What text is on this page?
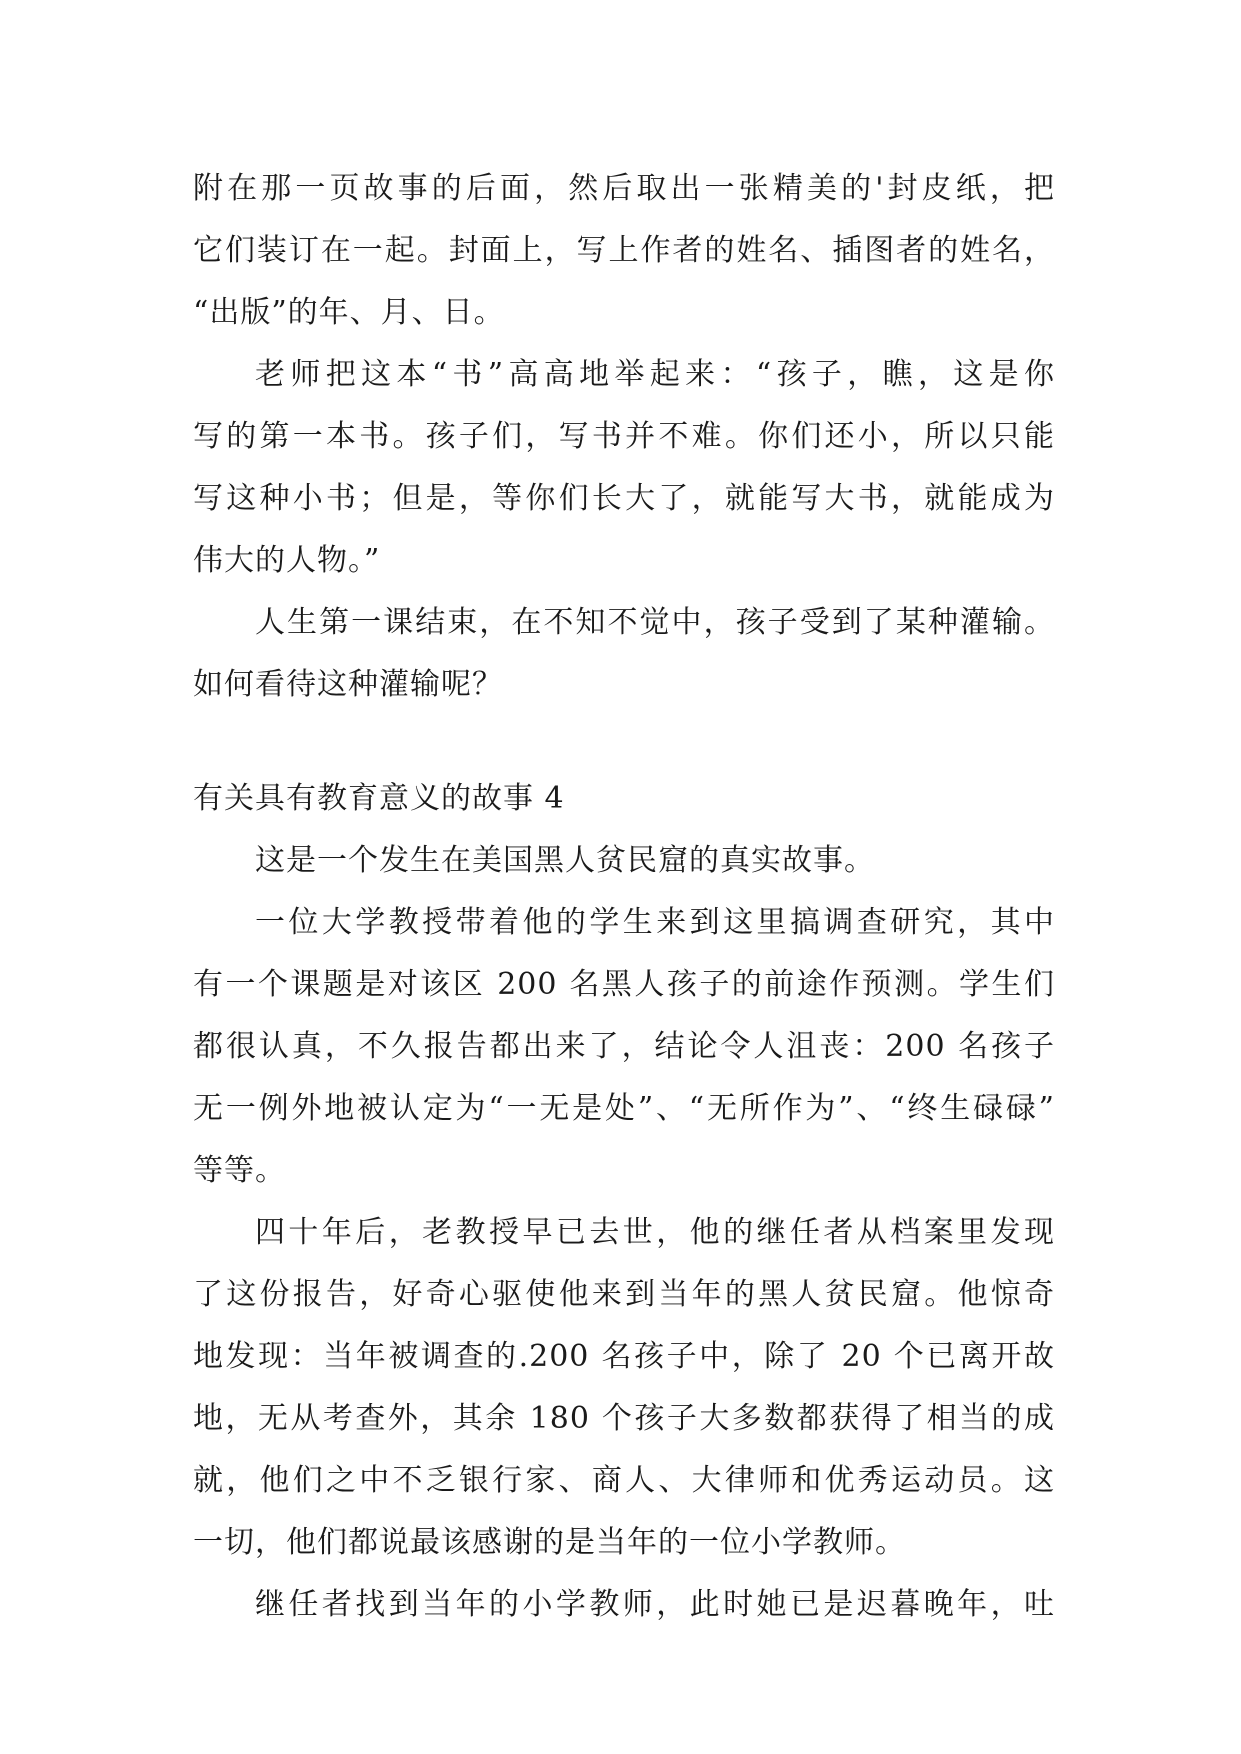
附在那一页故事的后面，然后取出一张精美的'封皮纸，把
它们装订在一起。封面上，写上作者的姓名、插图者的姓名，
“出版”的年、月、日。
老师把这本“书”高高地举起来：“孩子，瞧，这是你
写的第一本书。孩子们，写书并不难。你们还小，所以只能
写这种小书；但是，等你们长大了，就能写大书，就能成为
伟大的人物。”
人生第一课结束，在不知不觉中，孩子受到了某种灌输。
如何看待这种灌输呢？
有关具有教育意义的故事 4
这是一个发生在美国黑人贫民窟的真实故事。
一位大学教授带着他的学生来到这里搞调查研究，其中
有一个课题是对该区 200 名黑人孩子的前途作预测。学生们
都很认真，不久报告都出来了，结论令人沮丧：200 名孩子
无一例外地被认定为“一无是处”、“无所作为”、“终生碌碌”
等等。
四十年后，老教授早已去世，他的继任者从档案里发现
了这份报告，好奇心驱使他来到当年的黑人贫民窟。他惊奇
地发现：当年被调查的.200 名孩子中，除了 20 个已离开故
地，无从考查外，其余 180 个孩子大多数都获得了相当的成
就，他们之中不乏银行家、商人、大律师和优秀运动员。这
一切，他们都说最该感谢的是当年的一位小学教师。
继任者找到当年的小学教师，此时她已是迟暮晚年，吐
